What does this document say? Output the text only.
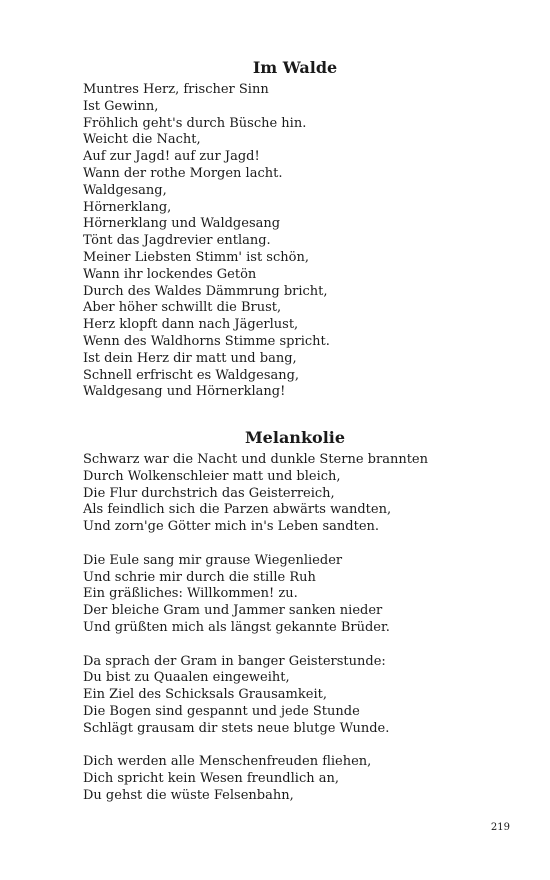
Im Walde
Muntres Herz, frischer Sinn
Ist Gewinn,
Fröhlich geht's durch Büsche hin.
Weicht die Nacht,
Auf zur Jagd! auf zur Jagd!
Wann der rothe Morgen lacht.
Waldgesang,
Hörnerklang,
Hörnerklang und Waldgesang
Tönt das Jagdrevier entlang.
Meiner Liebsten Stimm' ist schön,
Wann ihr lockendes Getön
Durch des Waldes Dämmrung bricht,
Aber höher schwillt die Brust,
Herz klopft dann nach Jägerlust,
Wenn des Waldhorns Stimme spricht.
Ist dein Herz dir matt und bang,
Schnell erfrischt es Waldgesang,
Waldgesang und Hörnerklang!
Melankolie
Schwarz war die Nacht und dunkle Sterne brannten
Durch Wolkenschleier matt und bleich,
Die Flur durchstrich das Geisterreich,
Als feindlich sich die Parzen abwärts wandten,
Und zorn'ge Götter mich in's Leben sandten.
Die Eule sang mir grause Wiegenlieder
Und schrie mir durch die stille Ruh
Ein gräßliches: Willkommen! zu.
Der bleiche Gram und Jammer sanken nieder
Und grüßten mich als längst gekannte Brüder.
Da sprach der Gram in banger Geisterstunde:
Du bist zu Quaalen eingeweiht,
Ein Ziel des Schicksals Grausamkeit,
Die Bogen sind gespannt und jede Stunde
Schlägt grausam dir stets neue blutge Wunde.
Dich werden alle Menschenfreuden fliehen,
Dich spricht kein Wesen freundlich an,
Du gehst die wüste Felsenbahn,
219
